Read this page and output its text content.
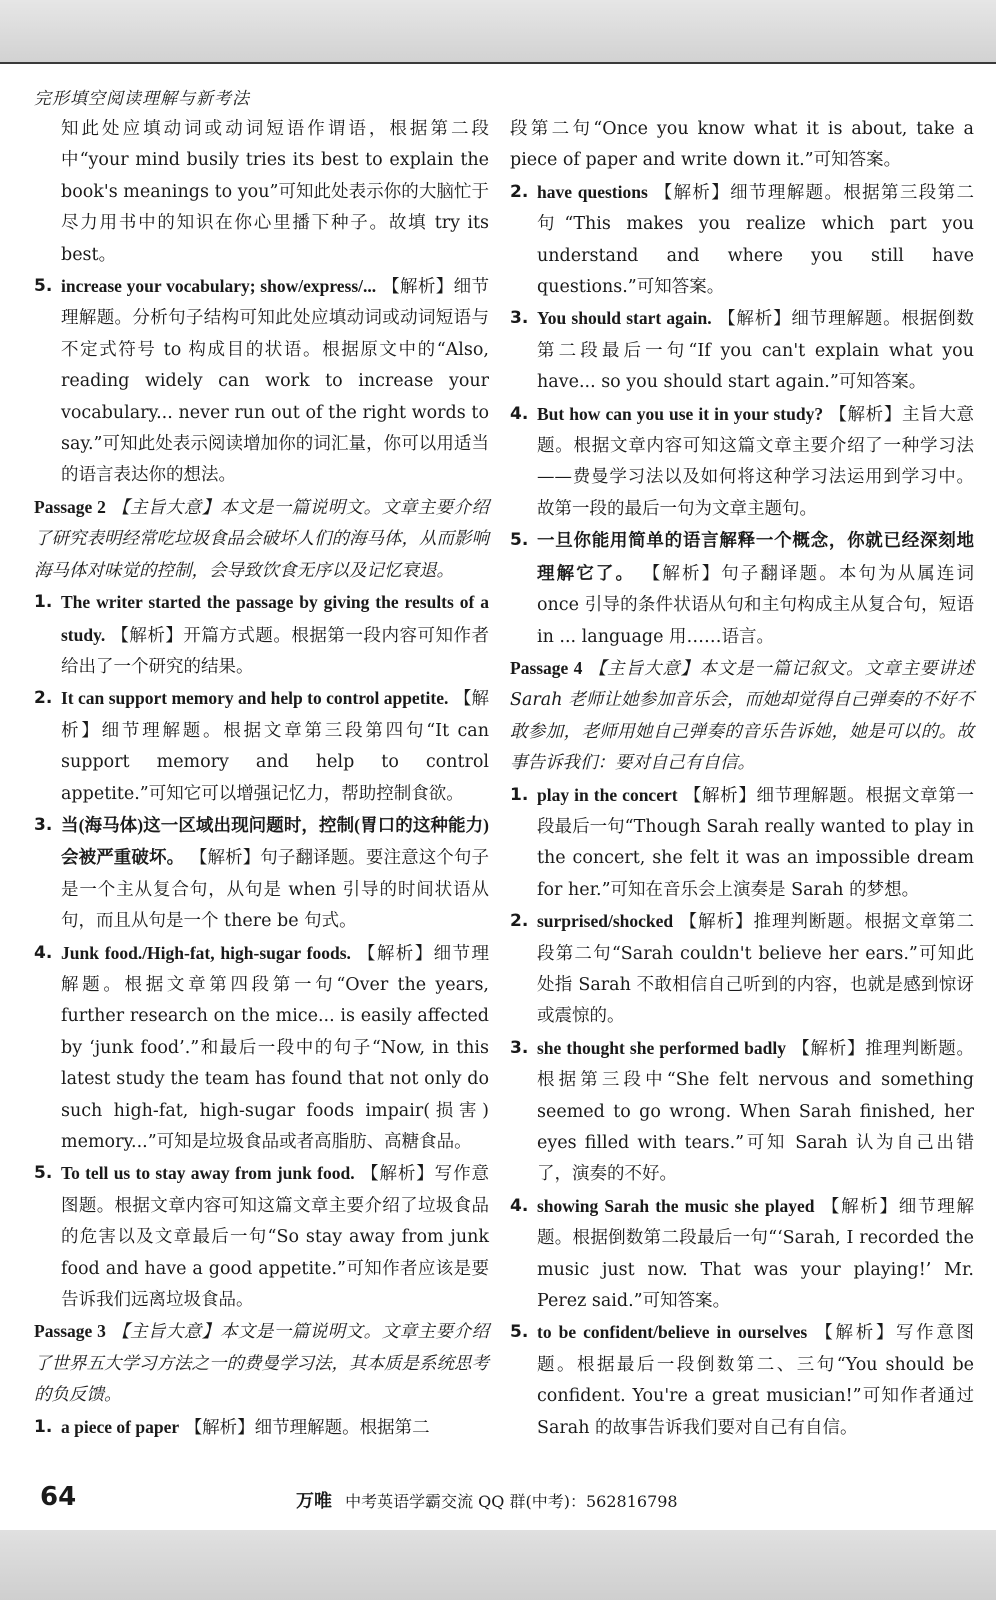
完形填空阅读理解与新考法

知此处应填动词或动词短语作谓语，根据第二段中“your mind busily tries its best to explain the book's meanings to you”可知此处表示你的大脑忙于尽力用书中的知识在你心里播下种子。故填 try its best。

5. increase your vocabulary; show/express/... 【解析】细节理解题。分析句子结构可知此处应填动词或动词短语与不定式符号 to 构成目的状语。根据原文中的“Also, reading widely can work to increase your vocabulary... never run out of the right words to say.”可知此处表示阅读增加你的词汇量，你可以用适当的语言表达你的想法。

Passage 2 【主旨大意】本文是一篇说明文。文章主要介绍了研究表明经常吃垃圾食品会破坏人们的海马体，从而影响海马体对味觉的控制，会导致饮食无序以及记忆衰退。

1. The writer started the passage by giving the results of a study. 【解析】开篇方式题。根据第一段内容可知作者给出了一个研究的结果。

2. It can support memory and help to control appetite. 【解析】细节理解题。根据文章第三段第四句“It can support memory and help to control appetite.”可知它可以增强记忆力，帮助控制食欲。

3. 当(海马体)这一区域出现问题时，控制(胃口的这种能力)会被严重破坏。 【解析】句子翻译题。要注意这个句子是一个主从复合句，从句是 when 引导的时间状语从句，而且从句是一个 there be 句式。

4. Junk food./High-fat, high-sugar foods. 【解析】细节理解题。根据文章第四段第一句“Over the years, further research on the mice... is easily affected by ‘junk food’.”和最后一段中的句子“Now, in this latest study the team has found that not only do such high-fat, high-sugar foods impair(损害) memory...”可知是垃圾食品或者高脂肪、高糖食品。

5. To tell us to stay away from junk food. 【解析】写作意图题。根据文章内容可知这篇文章主要介绍了垃圾食品的危害以及文章最后一句“So stay away from junk food and have a good appetite.”可知作者应该是要告诉我们远离垃圾食品。

Passage 3 【主旨大意】本文是一篇说明文。文章主要介绍了世界五大学习方法之一的费曼学习法，其本质是系统思考的负反馈。

1. a piece of paper 【解析】细节理解题。根据第二

段第二句“Once you know what it is about, take a piece of paper and write down it.”可知答案。

2. have questions 【解析】细节理解题。根据第三段第二句“This makes you realize which part you understand and where you still have questions.”可知答案。

3. You should start again. 【解析】细节理解题。根据倒数第二段最后一句“If you can't explain what you have... so you should start again.”可知答案。

4. But how can you use it in your study? 【解析】主旨大意题。根据文章内容可知这篇文章主要介绍了一种学习法——费曼学习法以及如何将这种学习法运用到学习中。故第一段的最后一句为文章主题句。

5. 一旦你能用简单的语言解释一个概念，你就已经深刻地理解它了。 【解析】句子翻译题。本句为从属连词 once 引导的条件状语从句和主句构成主从复合句，短语 in ... language 用……语言。

Passage 4 【主旨大意】本文是一篇记叙文。文章主要讲述 Sarah 老师让她参加音乐会，而她却觉得自己弹奏的不好不敢参加，老师用她自己弹奏的音乐告诉她，她是可以的。故事告诉我们：要对自己有自信。

1. play in the concert 【解析】细节理解题。根据文章第一段最后一句“Though Sarah really wanted to play in the concert, she felt it was an impossible dream for her.”可知在音乐会上演奏是 Sarah 的梦想。

2. surprised/shocked 【解析】推理判断题。根据文章第二段第二句“Sarah couldn't believe her ears.”可知此处指 Sarah 不敢相信自己听到的内容，也就是感到惊讶或震惊的。

3. she thought she performed badly 【解析】推理判断题。根据第三段中“She felt nervous and something seemed to go wrong. When Sarah finished, her eyes filled with tears.”可知 Sarah 认为自己出错了，演奏的不好。

4. showing Sarah the music she played 【解析】细节理解题。根据倒数第二段最后一句“‘Sarah, I recorded the music just now. That was your playing!’ Mr. Perez said.”可知答案。

5. to be confident/believe in ourselves 【解析】写作意图题。根据最后一段倒数第二、三句“You should be confident. You're a great musician!”可知作者通过 Sarah 的故事告诉我们要对自己有自信。

64	万唯 中考英语学霸交流 QQ 群(中考)：562816798
